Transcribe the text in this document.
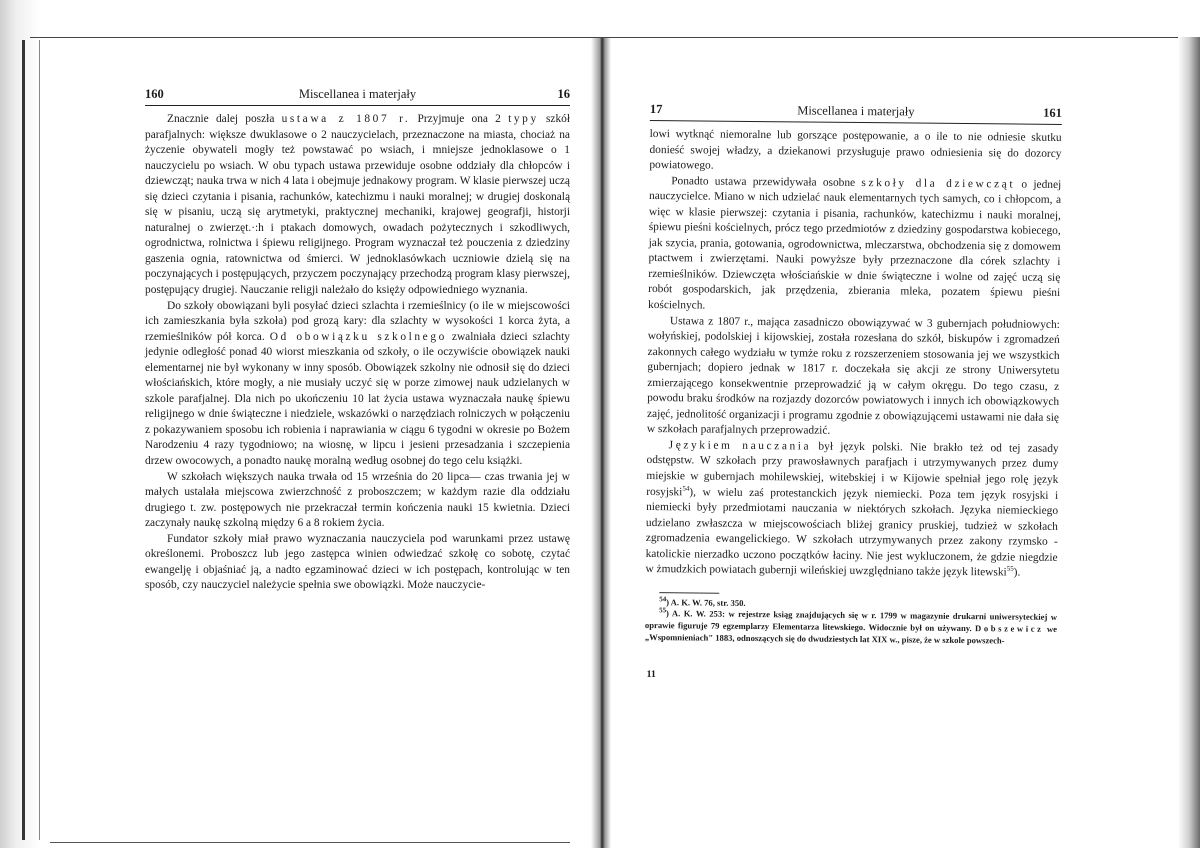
160	Miscellanea i materjały	16

Znacznie dalej poszła ustawa z 1807 r. Przyjmuje ona 2 typy szkół parafjalnych: większe dwuklasowe o 2 nauczycielach, przeznaczone na miasta, chociaż na życzenie obywateli mogły też powstawać po wsiach, i mniejsze jednoklasowe o 1 nauczycielu po wsiach. W obu typach ustawa przewiduje osobne oddziały dla chłopców i dziewcząt; nauka trwa w nich 4 lata i obejmuje jednakowy program. W klasie pierwszej uczą się dzieci czytania i pisania, rachunków, katechizmu i nauki moralnej; w drugiej doskonalą się w pisaniu, uczą się arytmetyki, praktycznej mechaniki, krajowej geografji, historji naturalnej o zwierzęt.·:h i ptakach domowych, owadach pożytecznych i szkodliwych, ogrodnictwa, rolnictwa i śpiewu religijnego. Program wyznaczał też pouczenia z dziedziny gaszenia ognia, ratownictwa od śmierci. W jednoklasówkach uczniowie dzielą się na poczynających i postępujących, przyczem poczynający przechodzą program klasy pierwszej, postępujący drugiej. Nauczanie religji należało do księży odpowiedniego wyznania.

Do szkoły obowiązani byli posyłać dzieci szlachta i rzemieślnicy (o ile w miejscowości ich zamieszkania była szkoła) pod grozą kary: dla szlachty w wysokości 1 korca żyta, a rzemieślników pół korca. Od obowiązku szkolnego zwalniała dzieci szlachty jedynie odległość ponad 40 wiorst mieszkania od szkoły, o ile oczywiście obowiązek nauki elementarnej nie był wykonany w inny sposób. Obowiązek szkolny nie odnosił się do dzieci włościańskich, które mogły, a nie musiały uczyć się w porze zimowej nauk udzielanych w szkole parafjalnej. Dla nich po ukończeniu 10 lat życia ustawa wyznaczała naukę śpiewu religijnego w dnie świąteczne i niedziele, wskazówki o narzędziach rolniczych w połączeniu z pokazywaniem sposobu ich robienia i naprawiania w ciągu 6 tygodni w okresie po Bożem Narodzeniu 4 razy tygodniowo; na wiosnę, w lipcu i jesieni przesadzania i szczepienia drzew owocowych, a ponadto naukę moralną według osobnej do tego celu książki.

W szkołach większych nauka trwała od 15 września do 20 lipca— czas trwania jej w małych ustalała miejscowa zwierzchność z proboszczem; w każdym razie dla oddziału drugiego t. zw. postępowych nie przekraczał termin kończenia nauki 15 kwietnia. Dzieci zaczynały naukę szkolną między 6 a 8 rokiem życia.

Fundator szkoły miał prawo wyznaczania nauczyciela pod warunkami przez ustawę określonemi. Proboszcz lub jego zastępca winien odwiedzać szkołę co sobotę, czytać ewangelję i objaśniać ją, a nadto egzaminować dzieci w ich postępach, kontrolując w ten sposób, czy nauczyciel należycie spełnia swe obowiązki. Może nauczycie-

17	Miscellanea i materjały	161

lowi wytknąć niemoralne lub gorszące postępowanie, a o ile to nie odniesie skutku donieść swojej władzy, a dziekanowi przysługuje prawo odniesienia się do dozorcy powiatowego.

Ponadto ustawa przewidywała osobne szkoły dla dziewcząt o jednej nauczycielce. Miano w nich udzielać nauk elementarnych tych samych, co i chłopcom, a więc w klasie pierwszej: czytania i pisania, rachunków, katechizmu i nauki moralnej, śpiewu pieśni kościelnych, prócz tego przedmiotów z dziedziny gospodarstwa kobiecego, jak szycia, prania, gotowania, ogrodownictwa, mleczarstwa, obchodzenia się z domowem ptactwem i zwierzętami. Nauki powyższe były przeznaczone dla córek szlachty i rzemieślników. Dziewczęta włościańskie w dnie świąteczne i wolne od zajęć uczą się robót gospodarskich, jak przędzenia, zbierania mleka, pozatem śpiewu pieśni kościelnych.

Ustawa z 1807 r., mająca zasadniczo obowiązywać w 3 gubernjach południowych: wołyńskiej, podolskiej i kijowskiej, została rozesłana do szkół, biskupów i zgromadzeń zakonnych całego wydziału w tymże roku z rozszerzeniem stosowania jej we wszystkich gubernjach; dopiero jednak w 1817 r. doczekała się akcji ze strony Uniwersytetu zmierzającego konsekwentnie przeprowadzić ją w całym okręgu. Do tego czasu, z powodu braku środków na rozjazdy dozorców powiatowych i innych ich obowiązkowych zajęć, jednolitość organizacji i programu zgodnie z obowiązującemi ustawami nie dała się w szkołach parafjalnych przeprowadzić.

Językiem nauczania był język polski. Nie brakło też od tej zasady odstępstw. W szkołach przy prawosławnych parafjach i utrzymywanych przez dumy miejskie w gubernjach mohilewskiej, witebskiej i w Kijowie spełniał jego rolę język rosyjski$^{54}$), w wielu zaś protestanckich język niemiecki. Poza tem język rosyjski i niemiecki były przedmiotami nauczania w niektórych szkołach. Języka niemieckiego udzielano zwłaszcza w miejscowościach bliżej granicy pruskiej, tudzież w szkołach zgromadzenia ewangelickiego. W szkołach utrzymywanych przez zakony rzymsko - katolickie nierzadko uczono początków łaciny. Nie jest wykluczonem, że gdzie niegdzie w żmudzkich powiatach gubernji wileńskiej uwzględniano także język litewski$^{55}$).

$^{54}$) A. K. W. 76, str. 350.

$^{55}$) A. K. W. 253: w rejestrze ksiąg znajdujących się w r. 1799 w magazynie drukarni uniwersyteckiej w oprawie figuruje 79 egzemplarzy Elementarza litewskiego. Widocznie był on używany. Dobszewicz we „Wspomnieniach" 1883, odnoszących się do dwudziestych lat XIX w., pisze, że w szkole powszech-

11
